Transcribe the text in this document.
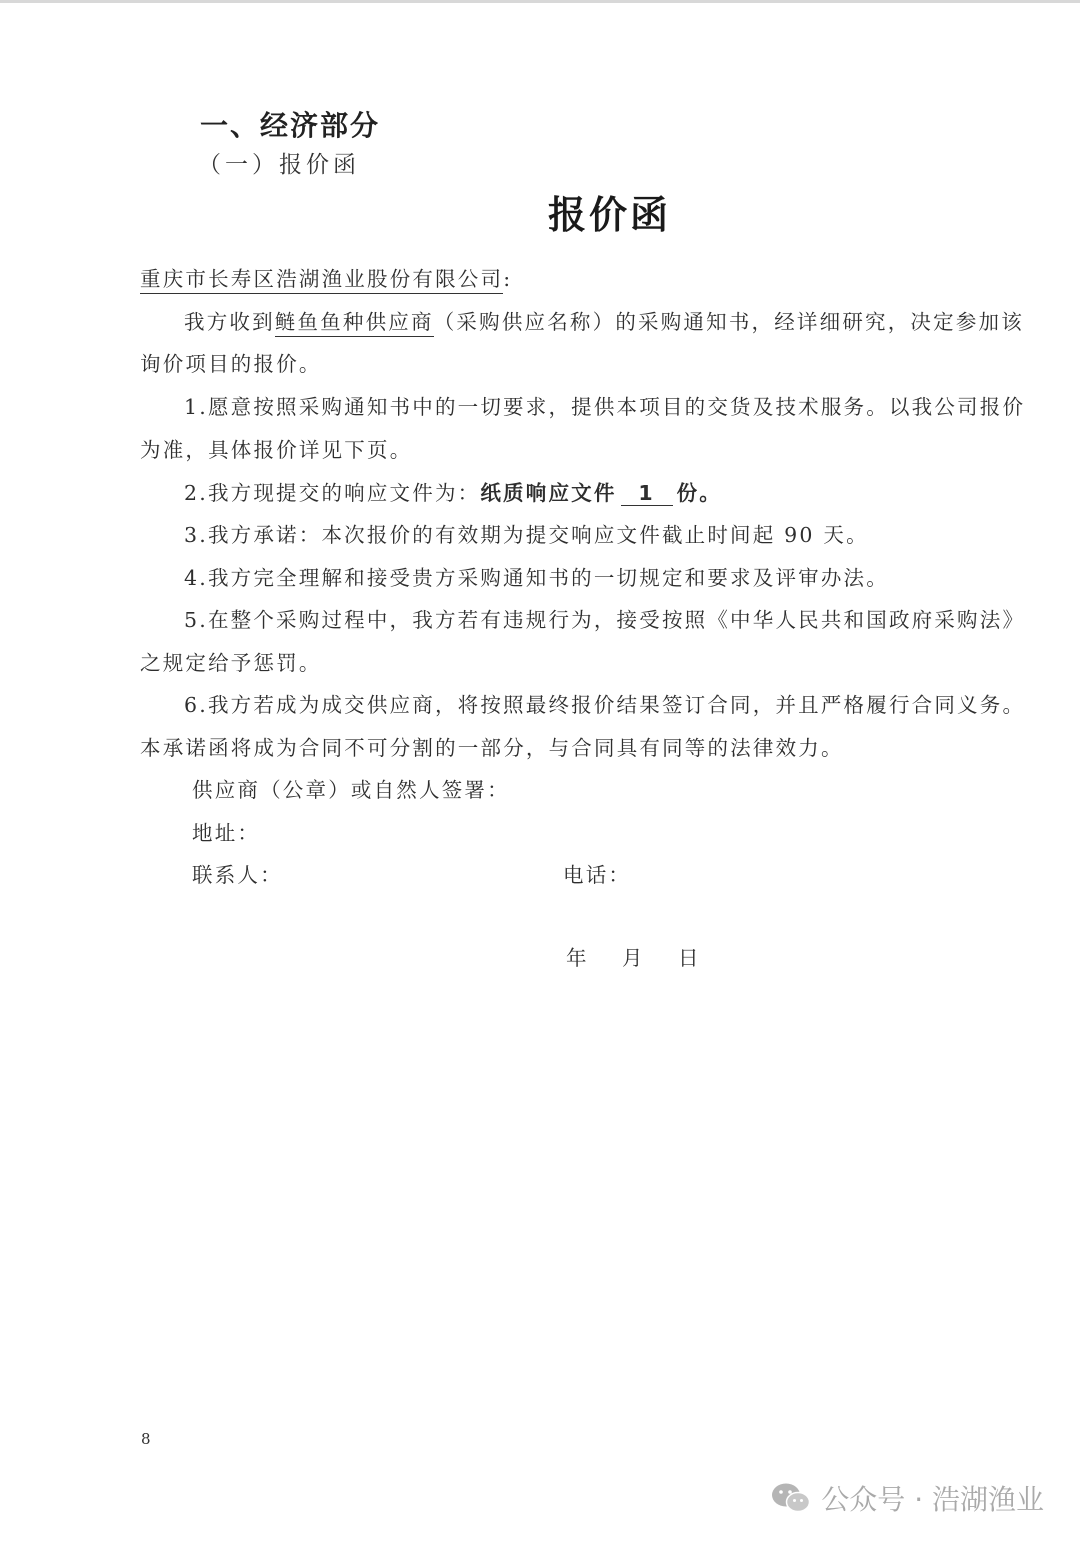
一、经济部分
（一）报价函
报价函
重庆市长寿区浩湖渔业股份有限公司:
我方收到鲢鱼鱼种供应商（采购供应名称）的采购通知书，经详细研究，决定参加该
询价项目的报价。
1.愿意按照采购通知书中的一切要求，提供本项目的交货及技术服务。以我公司报价
为准，具体报价详见下页。
2.我方现提交的响应文件为：纸质响应文件 1 份。
3.我方承诺：本次报价的有效期为提交响应文件截止时间起 90 天。
4.我方完全理解和接受贵方采购通知书的一切规定和要求及评审办法。
5.在整个采购过程中，我方若有违规行为，接受按照《中华人民共和国政府采购法》
之规定给予惩罚。
6.我方若成为成交供应商，将按照最终报价结果签订合同，并且严格履行合同义务。
本承诺函将成为合同不可分割的一部分，与合同具有同等的法律效力。
供应商（公章）或自然人签署：
地址：
联系人：	电话：
年 月 日
8
公众号 · 浩湖渔业
